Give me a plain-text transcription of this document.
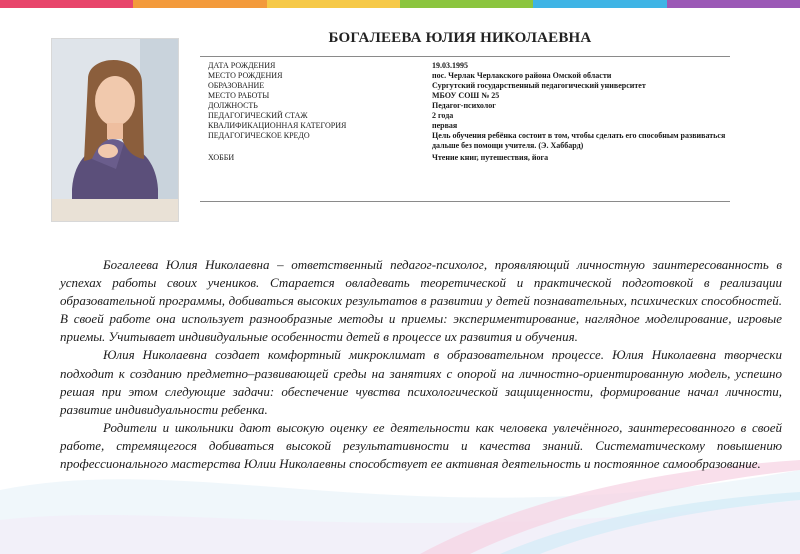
БОГАЛЕЕВА ЮЛИЯ НИКОЛАЕВНА
ДАТА РОЖДЕНИЯ	19.03.1995
МЕСТО РОЖДЕНИЯ	пос. Черлак Черлакского района Омской области
ОБРАЗОВАНИЕ	Сургутский государственный педагогический университет
МЕСТО РАБОТЫ	МБОУ СОШ № 25
ДОЛЖНОСТЬ	Педагог-психолог
ПЕДАГОГИЧЕСКИЙ СТАЖ	2 года
КВАЛИФИКАЦИОННАЯ КАТЕГОРИЯ	первая
ПЕДАГОГИЧЕСКОЕ КРЕДО	Цель обучения ребёнка состоит в том, чтобы сделать его способным развиваться дальше без помощи учителя. (Э. Хаббард)
ХОББИ	Чтение книг, путешествия, йога

Богалеева Юлия Николаевна – ответственный педагог-психолог, проявляющий личностную заинтересованность в успехах работы своих учеников. Старается овладевать теоретической и практической подготовкой в реализации образовательной программы, добиваться высоких результатов в развитии у детей познавательных, психических способностей. В своей работе она использует разнообразные методы и приемы: экспериментирование, наглядное моделирование, игровые приемы. Учитывает индивидуальные особенности детей в процессе их развития и обучения.

Юлия Николаевна создает комфортный микроклимат в образовательном процессе. Юлия Николаевна творчески подходит к созданию предметно–развивающей среды на занятиях с опорой на личностно-ориентированную модель, успешно решая при этом следующие задачи: обеспечение чувства психологической защищенности, формирование начал личности, развитие индивидуальности ребенка.

Родители и школьники дают высокую оценку ее деятельности как человека увлечённого, заинтересованного в своей работе, стремящегося добиваться высокой результативности и качества знаний. Систематическому повышению профессионального мастерства Юлии Николаевны способствует ее активная деятельность и постоянное самообразование.
